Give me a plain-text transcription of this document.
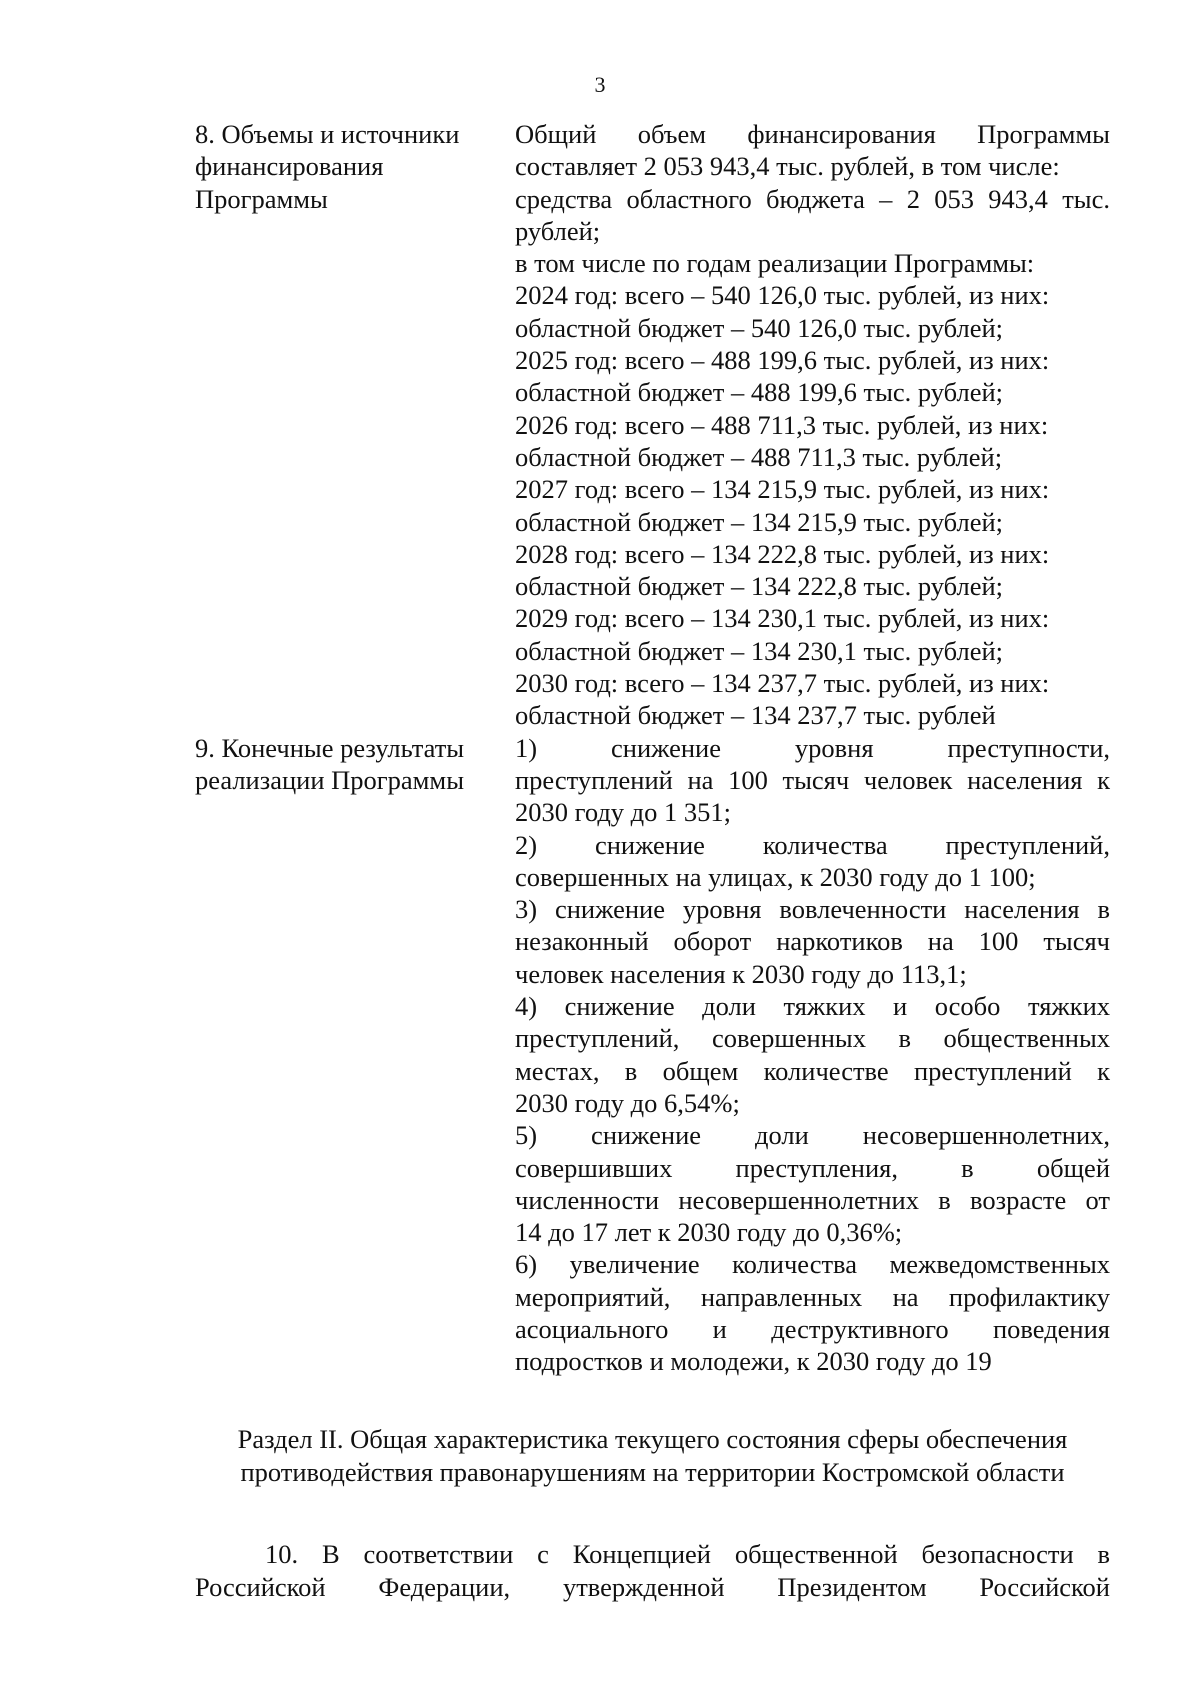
3
8. Объемы и источники
финансирования
Программы
Общий объем финансирования Программы
составляет 2 053 943,4 тыс. рублей, в том числе:
средства областного бюджета – 2 053 943,4 тыс.
рублей;
в том числе по годам реализации Программы:
2024 год: всего – 540 126,0 тыс. рублей, из них:
областной бюджет – 540 126,0 тыс. рублей;
2025 год: всего – 488 199,6 тыс. рублей, из них:
областной бюджет – 488 199,6 тыс. рублей;
2026 год: всего – 488 711,3 тыс. рублей, из них:
областной бюджет – 488 711,3 тыс. рублей;
2027 год: всего – 134 215,9 тыс. рублей, из них:
областной бюджет – 134 215,9 тыс. рублей;
2028 год: всего – 134 222,8 тыс. рублей, из них:
областной бюджет – 134 222,8 тыс. рублей;
2029 год: всего – 134 230,1 тыс. рублей, из них:
областной бюджет – 134 230,1 тыс. рублей;
2030 год: всего – 134 237,7 тыс. рублей, из них:
областной бюджет – 134 237,7 тыс. рублей
9. Конечные результаты
реализации Программы
1) снижение уровня преступности,
преступлений на 100 тысяч человек населения к
2030 году до 1 351;
2) снижение количества преступлений,
совершенных на улицах, к 2030 году до 1 100;
3) снижение уровня вовлеченности населения в
незаконный оборот наркотиков на 100 тысяч
человек населения к 2030 году до 113,1;
4) снижение доли тяжких и особо тяжких
преступлений, совершенных в общественных
местах, в общем количестве преступлений к
2030 году до 6,54%;
5) снижение доли несовершеннолетних,
совершивших преступления, в общей
численности несовершеннолетних в возрасте от
14 до 17 лет к 2030 году до 0,36%;
6) увеличение количества межведомственных
мероприятий, направленных на профилактику
асоциального и деструктивного поведения
подростков и молодежи, к 2030 году до 19
Раздел II. Общая характеристика текущего состояния сферы обеспечения
противодействия правонарушениям на территории Костромской области
10. В соответствии с Концепцией общественной безопасности в
Российской Федерации, утвержденной Президентом Российской
